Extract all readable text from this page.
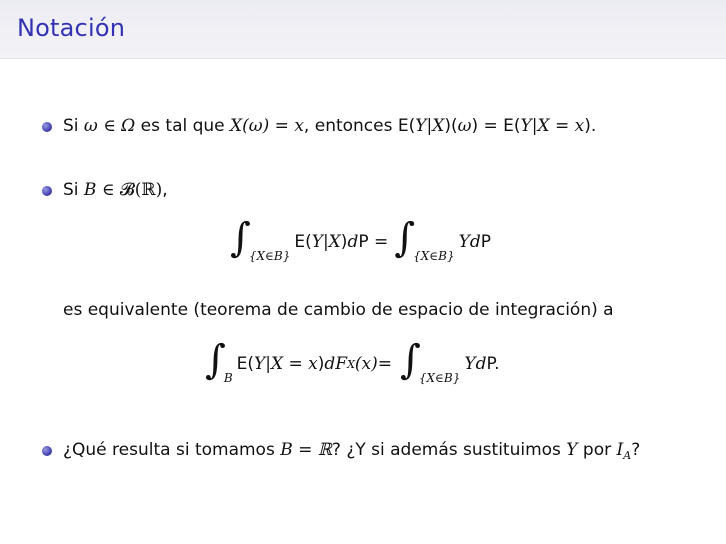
Notación
Si ω ∈ Ω es tal que X(ω) = x, entonces E(Y|X)(ω) = E(Y|X = x).
Si B ∈ 𝓑(ℝ),
∫
{X∈B}
E( Y|X ) d P = ∫
{X∈B}
Yd P
es equivalente (teorema de cambio de espacio de integración) a
∫
B
E( Y|X = x ) dF X (x) = ∫
{X∈B}
Yd P.
¿Qué resulta si tomamos B = ℝ? ¿Y si además sustituimos Y por $I_A$?
